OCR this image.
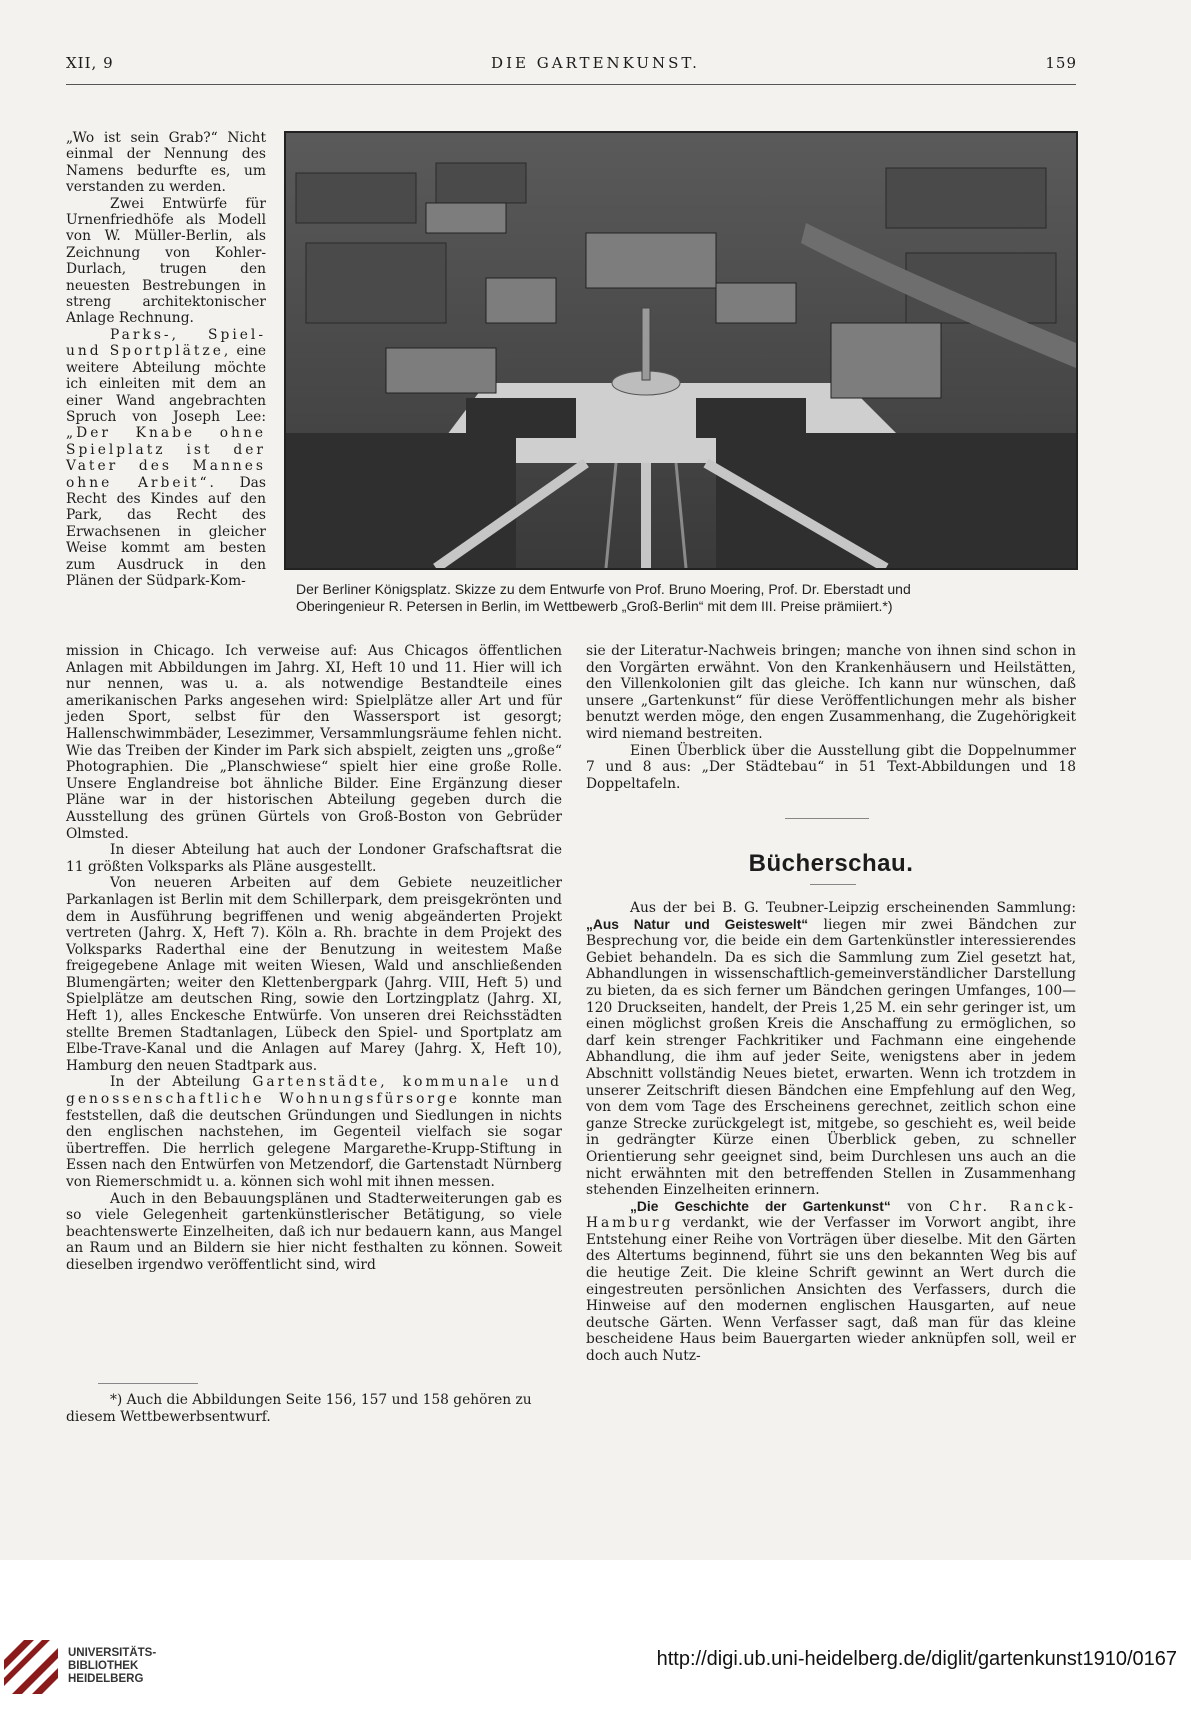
XII, 9	DIE GARTENKUNST.	159

„Wo ist sein Grab?“ Nicht einmal der Nennung des Namens bedurfte es, um verstanden zu werden.

Zwei Entwürfe für Urnenfriedhöfe als Modell von W. Müller-Berlin, als Zeichnung von Kohler-Durlach, trugen den neuesten Bestrebungen in streng architektonischer Anlage Rechnung.

Parks-, Spiel- und Sportplätze, eine weitere Abteilung möchte ich einleiten mit dem an einer Wand angebrachten Spruch von Joseph Lee: „Der Knabe ohne Spielplatz ist der Vater des Mannes ohne Arbeit“. Das Recht des Kindes auf den Park, das Recht des Erwachsenen in gleicher Weise kommt am besten zum Ausdruck in den Plänen der Südpark-Kom-

Der Berliner Königsplatz. Skizze zu dem Entwurfe von Prof. Bruno Moering, Prof. Dr. Eberstadt und
Oberingenieur R. Petersen in Berlin, im Wettbewerb „Groß-Berlin“ mit dem III. Preise prämiiert.*)

mission in Chicago. Ich verweise auf: Aus Chicagos öffentlichen Anlagen mit Abbildungen im Jahrg. XI, Heft 10 und 11. Hier will ich nur nennen, was u. a. als notwendige Bestandteile eines amerikanischen Parks angesehen wird: Spielplätze aller Art und für jeden Sport, selbst für den Wassersport ist gesorgt; Hallenschwimmbäder, Lesezimmer, Versammlungsräume fehlen nicht. Wie das Treiben der Kinder im Park sich abspielt, zeigten uns „große“ Photographien. Die „Planschwiese“ spielt hier eine große Rolle. Unsere Englandreise bot ähnliche Bilder. Eine Ergänzung dieser Pläne war in der historischen Abteilung gegeben durch die Ausstellung des grünen Gürtels von Groß-Boston von Gebrüder Olmsted.

In dieser Abteilung hat auch der Londoner Grafschaftsrat die 11 größten Volksparks als Pläne ausgestellt.

Von neueren Arbeiten auf dem Gebiete neuzeitlicher Parkanlagen ist Berlin mit dem Schillerpark, dem preisgekrönten und dem in Ausführung begriffenen und wenig abgeänderten Projekt vertreten (Jahrg. X, Heft 7). Köln a. Rh. brachte in dem Projekt des Volksparks Raderthal eine der Benutzung in weitestem Maße freigegebene Anlage mit weiten Wiesen, Wald und anschließenden Blumengärten; weiter den Klettenbergpark (Jahrg. VIII, Heft 5) und Spielplätze am deutschen Ring, sowie den Lortzingplatz (Jahrg. XI, Heft 1), alles Enckesche Entwürfe. Von unseren drei Reichsstädten stellte Bremen Stadtanlagen, Lübeck den Spiel- und Sportplatz am Elbe-Trave-Kanal und die Anlagen auf Marey (Jahrg. X, Heft 10), Hamburg den neuen Stadtpark aus.

In der Abteilung Gartenstädte, kommunale und genossenschaftliche Wohnungsfürsorge konnte man feststellen, daß die deutschen Gründungen und Siedlungen in nichts den englischen nachstehen, im Gegenteil vielfach sie sogar übertreffen. Die herrlich gelegene Margarethe-Krupp-Stiftung in Essen nach den Entwürfen von Metzendorf, die Gartenstadt Nürnberg von Riemerschmidt u. a. können sich wohl mit ihnen messen.

Auch in den Bebauungsplänen und Stadterweiterungen gab es so viele Gelegenheit gartenkünstlerischer Betätigung, so viele beachtenswerte Einzelheiten, daß ich nur bedauern kann, aus Mangel an Raum und an Bildern sie hier nicht festhalten zu können. Soweit dieselben irgendwo veröffentlicht sind, wird

*) Auch die Abbildungen Seite 156, 157 und 158 gehören zu diesem Wettbewerbsentwurf.

sie der Literatur-Nachweis bringen; manche von ihnen sind schon in den Vorgärten erwähnt. Von den Krankenhäusern und Heilstätten, den Villenkolonien gilt das gleiche. Ich kann nur wünschen, daß unsere „Gartenkunst“ für diese Veröffentlichungen mehr als bisher benutzt werden möge, den engen Zusammenhang, die Zugehörigkeit wird niemand bestreiten.

Einen Überblick über die Ausstellung gibt die Doppelnummer 7 und 8 aus: „Der Städtebau“ in 51 Text-Abbildungen und 18 Doppeltafeln.

Bücherschau.

Aus der bei B. G. Teubner-Leipzig erscheinenden Sammlung: „Aus Natur und Geisteswelt“ liegen mir zwei Bändchen zur Besprechung vor, die beide ein dem Gartenkünstler interessierendes Gebiet behandeln. Da es sich die Sammlung zum Ziel gesetzt hat, Abhandlungen in wissenschaftlich-gemeinverständlicher Darstellung zu bieten, da es sich ferner um Bändchen geringen Umfanges, 100—120 Druckseiten, handelt, der Preis 1,25 M. ein sehr geringer ist, um einen möglichst großen Kreis die Anschaffung zu ermöglichen, so darf kein strenger Fachkritiker und Fachmann eine eingehende Abhandlung, die ihm auf jeder Seite, wenigstens aber in jedem Abschnitt vollständig Neues bietet, erwarten. Wenn ich trotzdem in unserer Zeitschrift diesen Bändchen eine Empfehlung auf den Weg, von dem vom Tage des Erscheinens gerechnet, zeitlich schon eine ganze Strecke zurückgelegt ist, mitgebe, so geschieht es, weil beide in gedrängter Kürze einen Überblick geben, zu schneller Orientierung sehr geeignet sind, beim Durchlesen uns auch an die nicht erwähnten mit den betreffenden Stellen in Zusammenhang stehenden Einzelheiten erinnern.

„Die Geschichte der Gartenkunst“ von Chr. Ranck-Hamburg verdankt, wie der Verfasser im Vorwort angibt, ihre Entstehung einer Reihe von Vorträgen über dieselbe. Mit den Gärten des Altertums beginnend, führt sie uns den bekannten Weg bis auf die heutige Zeit. Die kleine Schrift gewinnt an Wert durch die eingestreuten persönlichen Ansichten des Verfassers, durch die Hinweise auf den modernen englischen Hausgarten, auf neue deutsche Gärten. Wenn Verfasser sagt, daß man für das kleine bescheidene Haus beim Bauergarten wieder anknüpfen soll, weil er doch auch Nutz-

UNIVERSITÄTS-
BIBLIOTHEK
HEIDELBERG
http://digi.ub.uni-heidelberg.de/diglit/gartenkunst1910/0167
